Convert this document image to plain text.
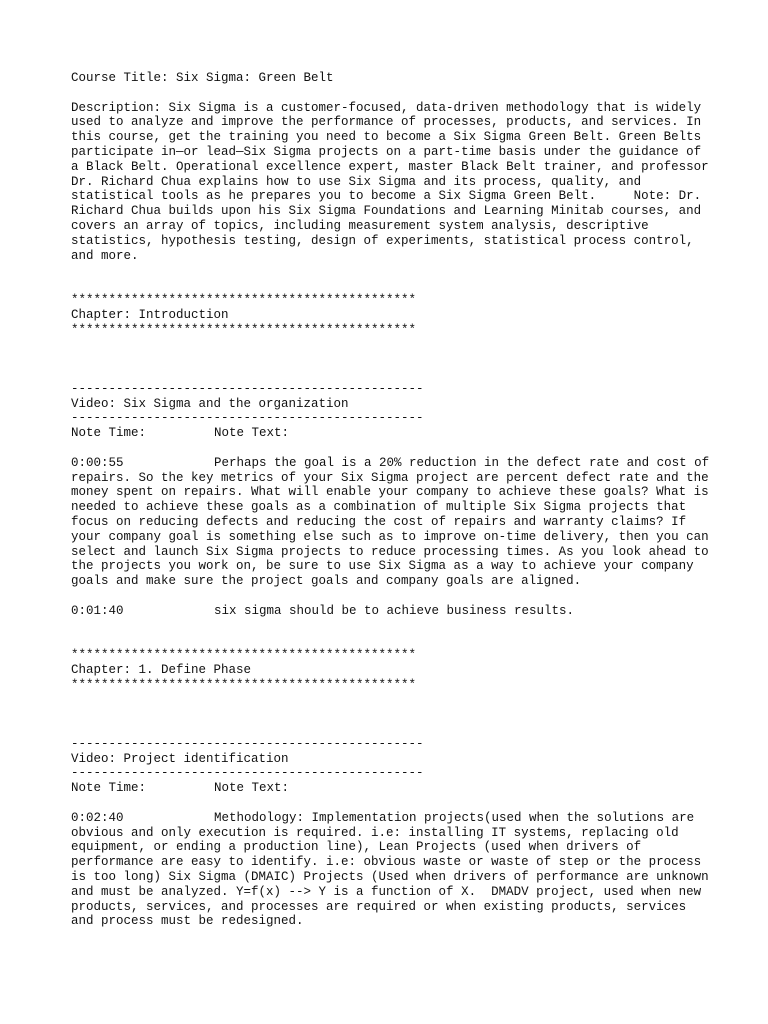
Course Title: Six Sigma: Green Belt
Description: Six Sigma is a customer-focused, data-driven methodology that is widely used to analyze and improve the performance of processes, products, and services. In this course, get the training you need to become a Six Sigma Green Belt. Green Belts participate in—or lead—Six Sigma projects on a part-time basis under the guidance of a Black Belt. Operational excellence expert, master Black Belt trainer, and professor Dr. Richard Chua explains how to use Six Sigma and its process, quality, and statistical tools as he prepares you to become a Six Sigma Green Belt.     Note: Dr. Richard Chua builds upon his Six Sigma Foundations and Learning Minitab courses, and covers an array of topics, including measurement system analysis, descriptive statistics, hypothesis testing, design of experiments, statistical process control, and more.
**********************************************
Chapter: Introduction
**********************************************
-----------------------------------------------
Video: Six Sigma and the organization
-----------------------------------------------
Note Time:	Note Text:
0:00:55	Perhaps the goal is a 20% reduction in the defect rate and cost of repairs. So the key metrics of your Six Sigma project are percent defect rate and the money spent on repairs. What will enable your company to achieve these goals? What is needed to achieve these goals as a combination of multiple Six Sigma projects that focus on reducing defects and reducing the cost of repairs and warranty claims? If your company goal is something else such as to improve on-time delivery, then you can select and launch Six Sigma projects to reduce processing times. As you look ahead to the projects you work on, be sure to use Six Sigma as a way to achieve your company goals and make sure the project goals and company goals are aligned.
0:01:40	six sigma should be to achieve business results.
**********************************************
Chapter: 1. Define Phase
**********************************************
-----------------------------------------------
Video: Project identification
-----------------------------------------------
Note Time:	Note Text:
0:02:40	Methodology: Implementation projects(used when the solutions are obvious and only execution is required. i.e: installing IT systems, replacing old equipment, or ending a production line), Lean Projects (used when drivers of performance are easy to identify. i.e: obvious waste or waste of step or the process is too long) Six Sigma (DMAIC) Projects (Used when drivers of performance are unknown and must be analyzed. Y=f(x) --> Y is a function of X.  DMADV project, used when new products, services, and processes are required or when existing products, services and process must be redesigned.
